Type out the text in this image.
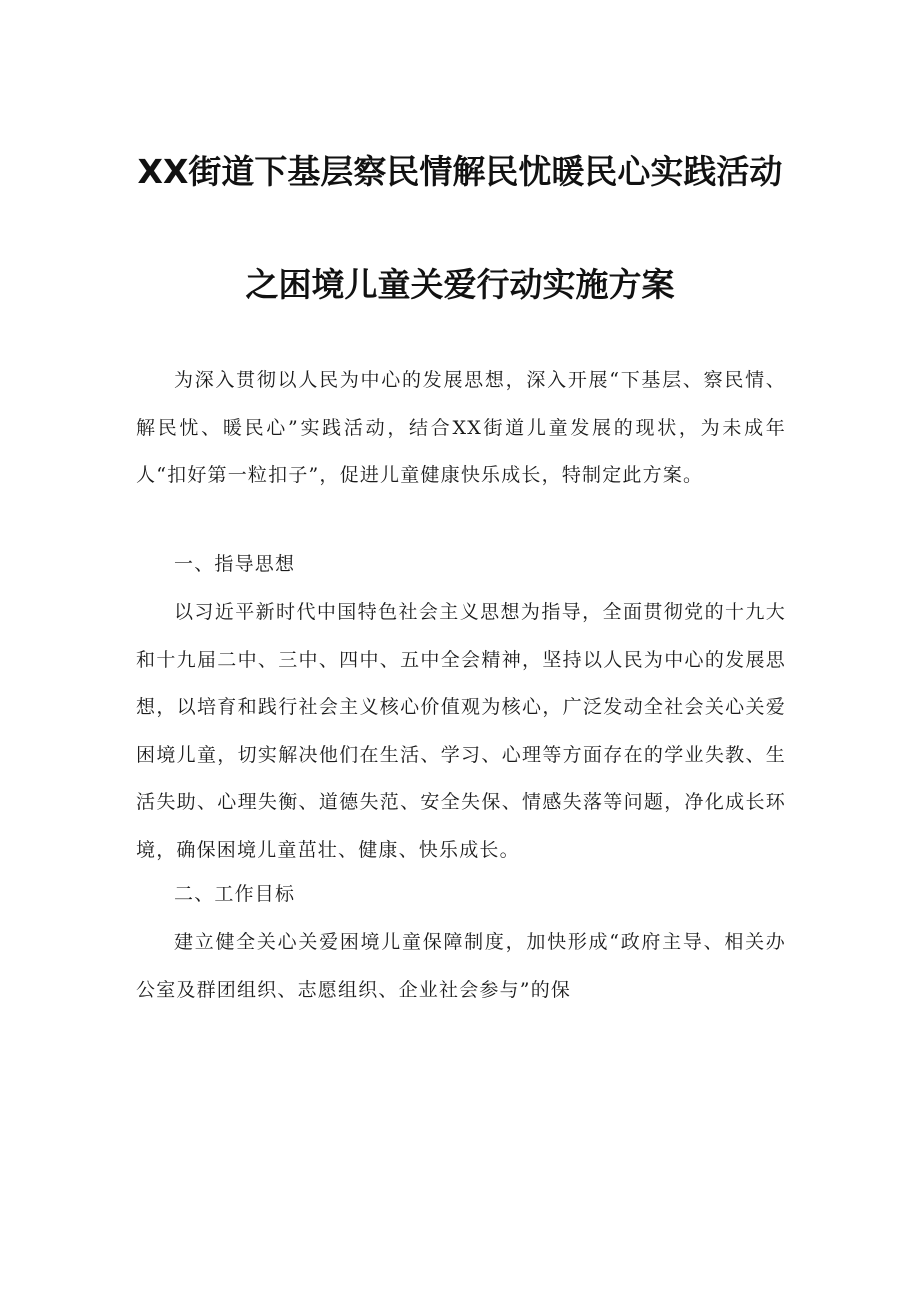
XX街道下基层察民情解民忧暖民心实践活动
之困境儿童关爱行动实施方案

为深入贯彻以人民为中心的发展思想，深入开展“下基层、察民情、解民忧、暖民心”实践活动，结合XX街道儿童发展的现状，为未成年人“扣好第一粒扣子”，促进儿童健康快乐成长，特制定此方案。

一、指导思想

以习近平新时代中国特色社会主义思想为指导，全面贯彻党的十九大和十九届二中、三中、四中、五中全会精神，坚持以人民为中心的发展思想，以培育和践行社会主义核心价值观为核心，广泛发动全社会关心关爱困境儿童，切实解决他们在生活、学习、心理等方面存在的学业失教、生活失助、心理失衡、道德失范、安全失保、情感失落等问题，净化成长环境，确保困境儿童茁壮、健康、快乐成长。

二、工作目标

建立健全关心关爱困境儿童保障制度，加快形成“政府主导、相关办公室及群团组织、志愿组织、企业社会参与”的保
